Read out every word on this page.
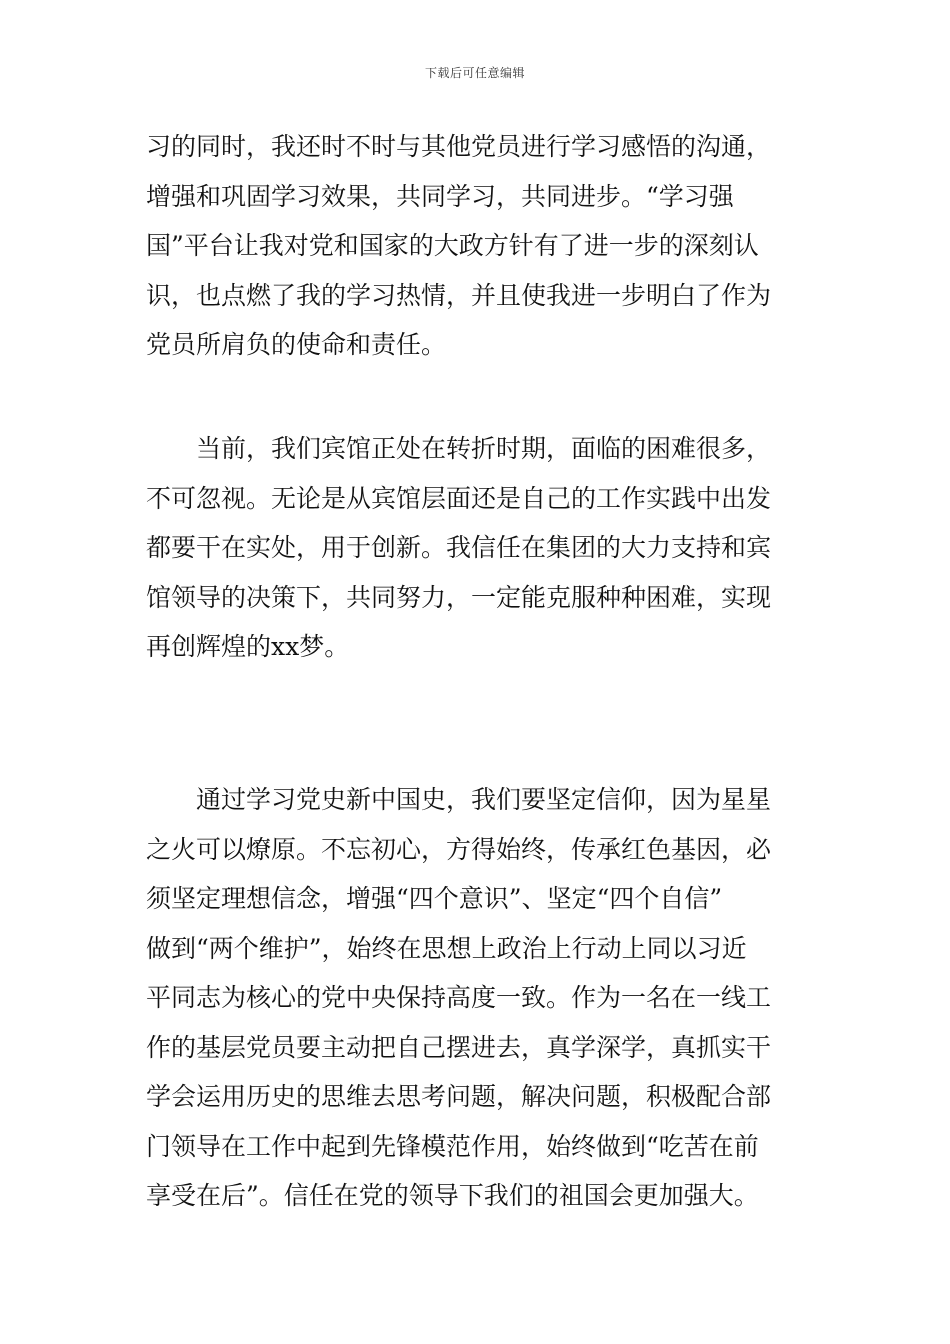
下载后可任意编辑
习的同时，我还时不时与其他党员进行学习感悟的沟通，
增强和巩固学习效果，共同学习，共同进步。“学习强
国”平台让我对党和国家的大政方针有了进一步的深刻认
识，也点燃了我的学习热情，并且使我进一步明白了作为
党员所肩负的使命和责任。
当前，我们宾馆正处在转折时期，面临的困难很多，
不可忽视。无论是从宾馆层面还是自己的工作实践中出发
都要干在实处，用于创新。我信任在集团的大力支持和宾
馆领导的决策下，共同努力，一定能克服种种困难，实现
再创辉煌的xx梦。
通过学习党史新中国史，我们要坚定信仰，因为星星
之火可以燎原。不忘初心，方得始终，传承红色基因，必
须坚定理想信念，增强“四个意识”、坚定“四个自信”
做到“两个维护”，始终在思想上政治上行动上同以习近
平同志为核心的党中央保持高度一致。作为一名在一线工
作的基层党员要主动把自己摆进去，真学深学，真抓实干
学会运用历史的思维去思考问题，解决问题，积极配合部
门领导在工作中起到先锋模范作用，始终做到“吃苦在前
享受在后”。信任在党的领导下我们的祖国会更加强大。
